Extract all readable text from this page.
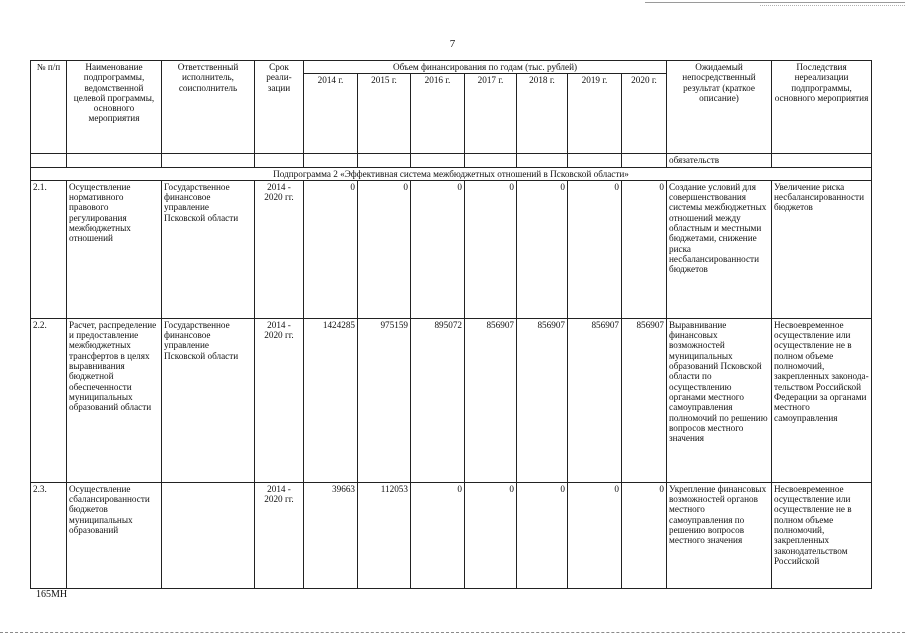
7
№ п/п	Наименование подпрограммы, ведомственной целевой программы, основного мероприятия	Ответственный исполнитель, соисполнитель	Срок реали-зации	Объем финансирования по годам (тыс. рублей)							Ожидаемый непосредственный результат (краткое описание)	Последствия нереализации подпрограммы, основного мероприятия
				2014 г.	2015 г.	2016 г.	2017 г.	2018 г.	2019 г.	2020 г.		
											обязательств	
Подпрограмма 2 «Эффективная система межбюджетных отношений в Псковской области»												
2.1.	Осуществление нормативного правового регулирования межбюджетных отношений	Государственное финансовое управление Псковской области	2014 - 2020 гг.	0	0	0	0	0	0	0	Создание условий для совершенствования системы межбюджетных отношений между областным и местными бюджетами, снижение риска несбалансированности бюджетов	Увеличение риска несбалансированности бюджетов
2.2.	Расчет, распределение и предоставление межбюджетных трансфертов в целях выравнивания бюджетной обеспеченности муниципальных образований области	Государственное финансовое управление Псковской области	2014 - 2020 гг.	1424285	975159	895072	856907	856907	856907	856907	Выравнивание финансовых возможностей муниципальных образований Псковской области по осуществлению органами местного самоуправления полномочий по решению вопросов местного значения	Несвоевременное осуществление или осуществление не в полном объеме полномочий, закрепленных законода-тельством Российской Федерации за органами местного самоуправления
2.3.	Осуществление сбалансированности бюджетов муниципальных образований		2014 - 2020 гг.	39663	112053	0	0	0	0	0	Укрепление финансовых возможностей органов местного самоуправления по решению вопросов местного значения	Несвоевременное осуществление или осуществление не в полном объеме полномочий, закрепленных законодательством Российской
165МН
